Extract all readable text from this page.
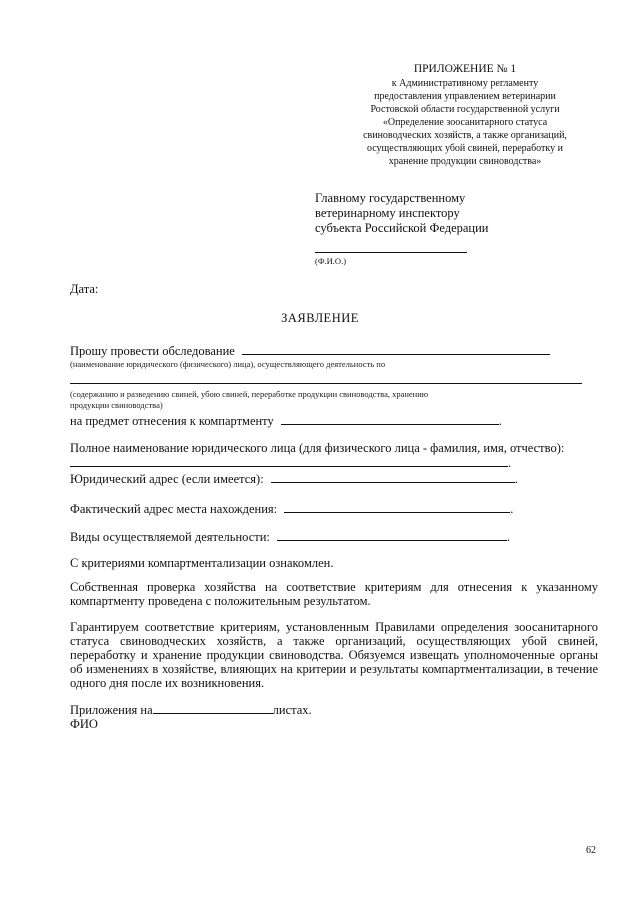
ПРИЛОЖЕНИЕ № 1
к Административному регламенту
предоставления управлением ветеринарии
Ростовской области государственной услуги
«Определение зоосанитарного статуса
свиноводческих хозяйств, а также организаций,
осуществляющих убой свиней, переработку и
хранение продукции свиноводства»
Главному государственному
ветеринарному инспектору
субъекта Российской Федерации
(Ф.И.О.)
Дата:
ЗАЯВЛЕНИЕ
Прошу провести обследование
(наименование юридического (физического) лица), осуществляющего деятельность по
(содержанию и разведению свиней, убою свиней, переработке продукции свиноводства, хранению
продукции свиноводства)
на предмет отнесения к компартменту	.
Полное наименование юридического лица (для физического лица - фамилия, имя, отчество):
.
Юридический адрес (если имеется):	.
Фактический адрес места нахождения:	.
Виды осуществляемой деятельности:	.
С критериями компартментализации ознакомлен.
Собственная проверка хозяйства на соответствие критериям для отнесения к указанному компартменту проведена с положительным результатом.
Гарантируем соответствие критериям, установленным Правилами определения зоосанитарного статуса свиноводческих хозяйств, а также организаций, осуществляющих убой свиней, переработку и хранение продукции свиноводства. Обязуемся извещать уполномоченные органы об изменениях в хозяйстве, влияющих на критерии и результаты компартментализации, в течение одного дня после их возникновения.
Приложения на	листах.
ФИО
62
